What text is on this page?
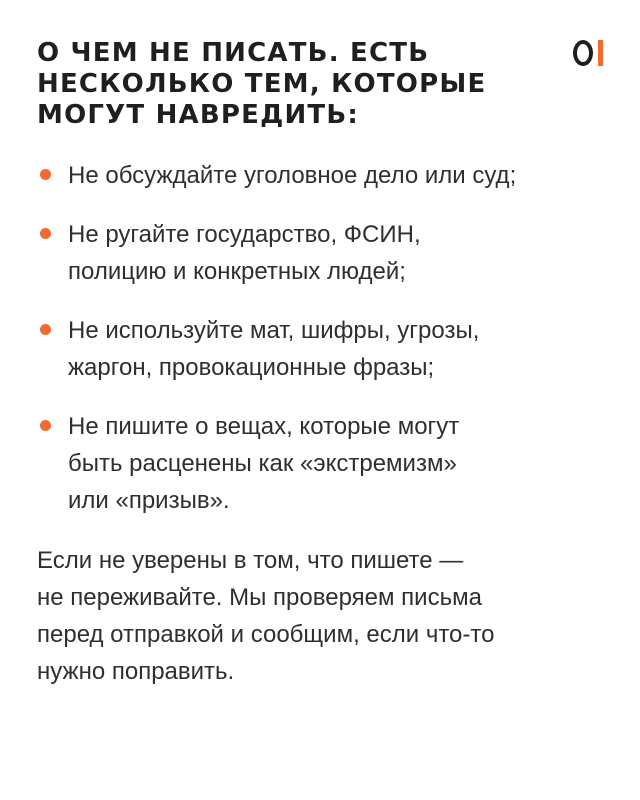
О ЧЕМ НЕ ПИСАТЬ. ЕСТЬ
НЕСКОЛЬКО ТЕМ, КОТОРЫЕ
МОГУТ НАВРЕДИТЬ:
Не обсуждайте уголовное дело или суд;
Не ругайте государство, ФСИН,
полицию и конкретных людей;
Не используйте мат, шифры, угрозы,
жаргон, провокационные фразы;
Не пишите о вещах, которые могут
быть расценены как «экстремизм»
или «призыв».

Если не уверены в том, что пишете —
не переживайте. Мы проверяем письма
перед отправкой и сообщим, если что-то
нужно поправить.
